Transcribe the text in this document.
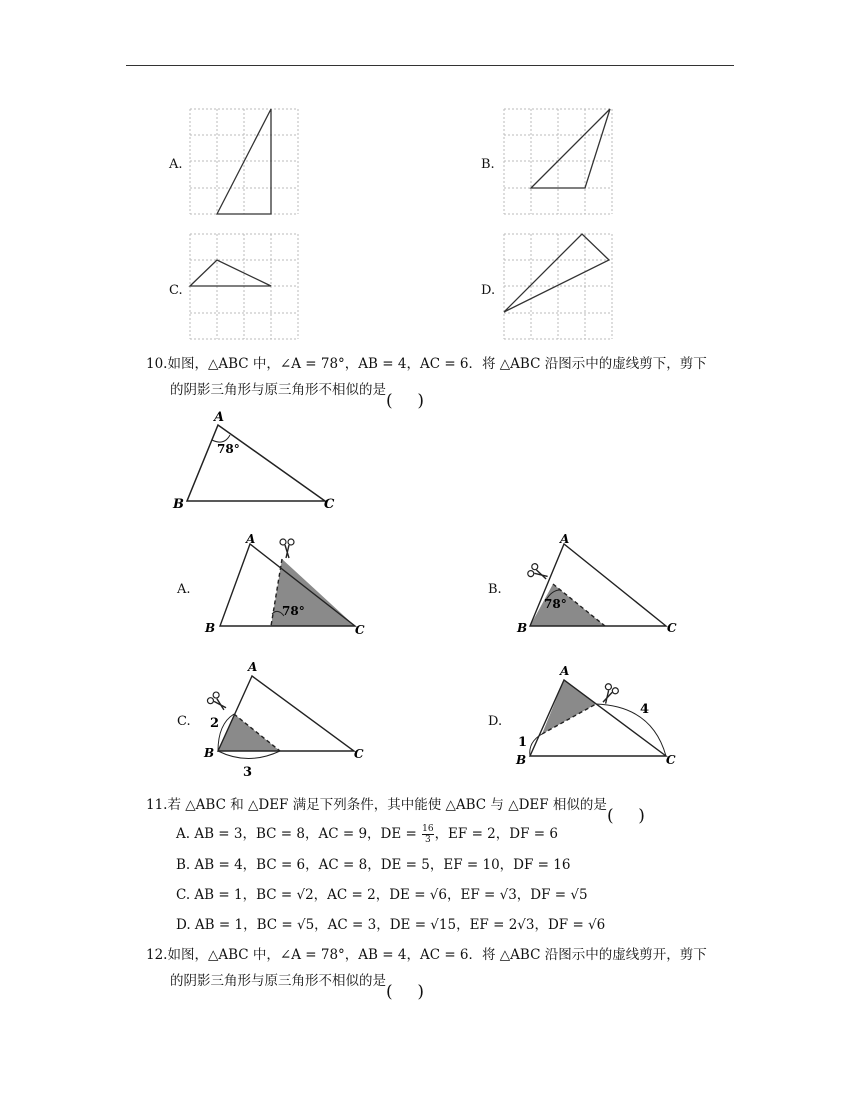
A.	B.
C.	D.
10.如图，△ABC 中，∠A = 78°，AB = 4，AC = 6．将 △ABC 沿图示中的虚线剪下，剪下
的阴影三角形与原三角形不相似的是
A
B	C
78°
A.
A
B	C
78°
B.
A
B	C
78°
C.
A
B	C
2
3
D.
A
B	C
1
4
11.若 △ABC 和 △DEF 满足下列条件，其中能使 △ABC 与 △DEF 相似的是
A. AB = 3，BC = 8，AC = 9，DE = $\frac{16}{3}$ ，EF = 2，DF = 6
B. AB = 4，BC = 6，AC = 8，DE = 5，EF = 10，DF = 16
C. AB = 1，BC = √2，AC = 2，DE = √6，EF = √3，DF = √5
D. AB = 1，BC = √5，AC = 3，DE = √15，EF = 2√3，DF = √6
12.如图，△ABC 中，∠A = 78°，AB = 4，AC = 6．将 △ABC 沿图示中的虚线剪开，剪下
的阴影三角形与原三角形不相似的是
